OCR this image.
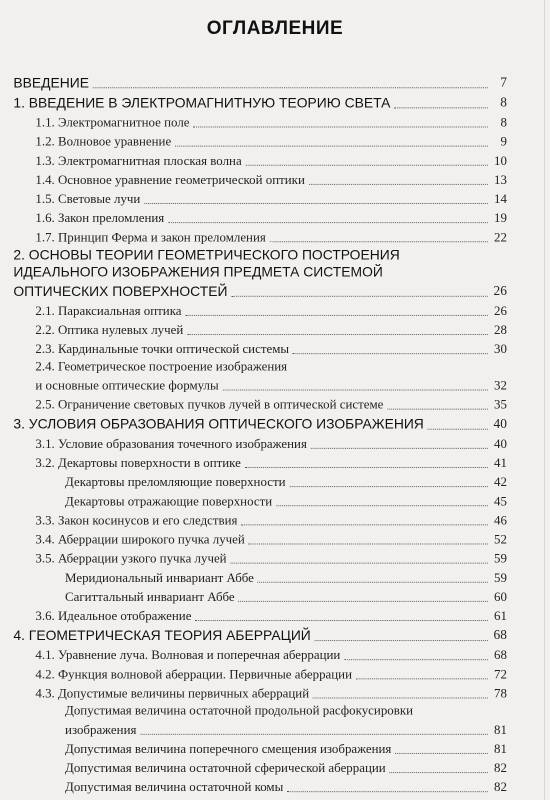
ОГЛАВЛЕНИЕ
ВВЕДЕНИЕ	7
1. ВВЕДЕНИЕ В ЭЛЕКТРОМАГНИТНУЮ ТЕОРИЮ СВЕТА	8
1.1. Электромагнитное поле	8
1.2. Волновое уравнение	9
1.3. Электромагнитная плоская волна	10
1.4. Основное уравнение геометрической оптики	13
1.5. Световые лучи	14
1.6. Закон преломления	19
1.7. Принцип Ферма и закон преломления	22
2. ОСНОВЫ ТЕОРИИ ГЕОМЕТРИЧЕСКОГО ПОСТРОЕНИЯ
ИДЕАЛЬНОГО ИЗОБРАЖЕНИЯ ПРЕДМЕТА СИСТЕМОЙ
ОПТИЧЕСКИХ ПОВЕРХНОСТЕЙ	26
2.1. Параксиальная оптика	26
2.2. Оптика нулевых лучей	28
2.3. Кардинальные точки оптической системы	30
2.4. Геометрическое построение изображения
и основные оптические формулы	32
2.5. Ограничение световых пучков лучей в оптической системе	35
3. УСЛОВИЯ ОБРАЗОВАНИЯ ОПТИЧЕСКОГО ИЗОБРАЖЕНИЯ	40
3.1. Условие образования точечного изображения	40
3.2. Декартовы поверхности в оптике	41
Декартовы преломляющие поверхности	42
Декартовы отражающие поверхности	45
3.3. Закон косинусов и его следствия	46
3.4. Аберрации широкого пучка лучей	52
3.5. Аберрации узкого пучка лучей	59
Меридиональный инвариант Аббе	59
Сагиттальный инвариант Аббе	60
3.6. Идеальное отображение	61
4. ГЕОМЕТРИЧЕСКАЯ ТЕОРИЯ АБЕРРАЦИЙ	68
4.1. Уравнение луча. Волновая и поперечная аберрации	68
4.2. Функция волновой аберрации. Первичные аберрации	72
4.3. Допустимые величины первичных аберраций	78
Допустимая величина остаточной продольной расфокусировки
изображения	81
Допустимая величина поперечного смещения изображения	81
Допустимая величина остаточной сферической аберрации	82
Допустимая величина остаточной комы	82
